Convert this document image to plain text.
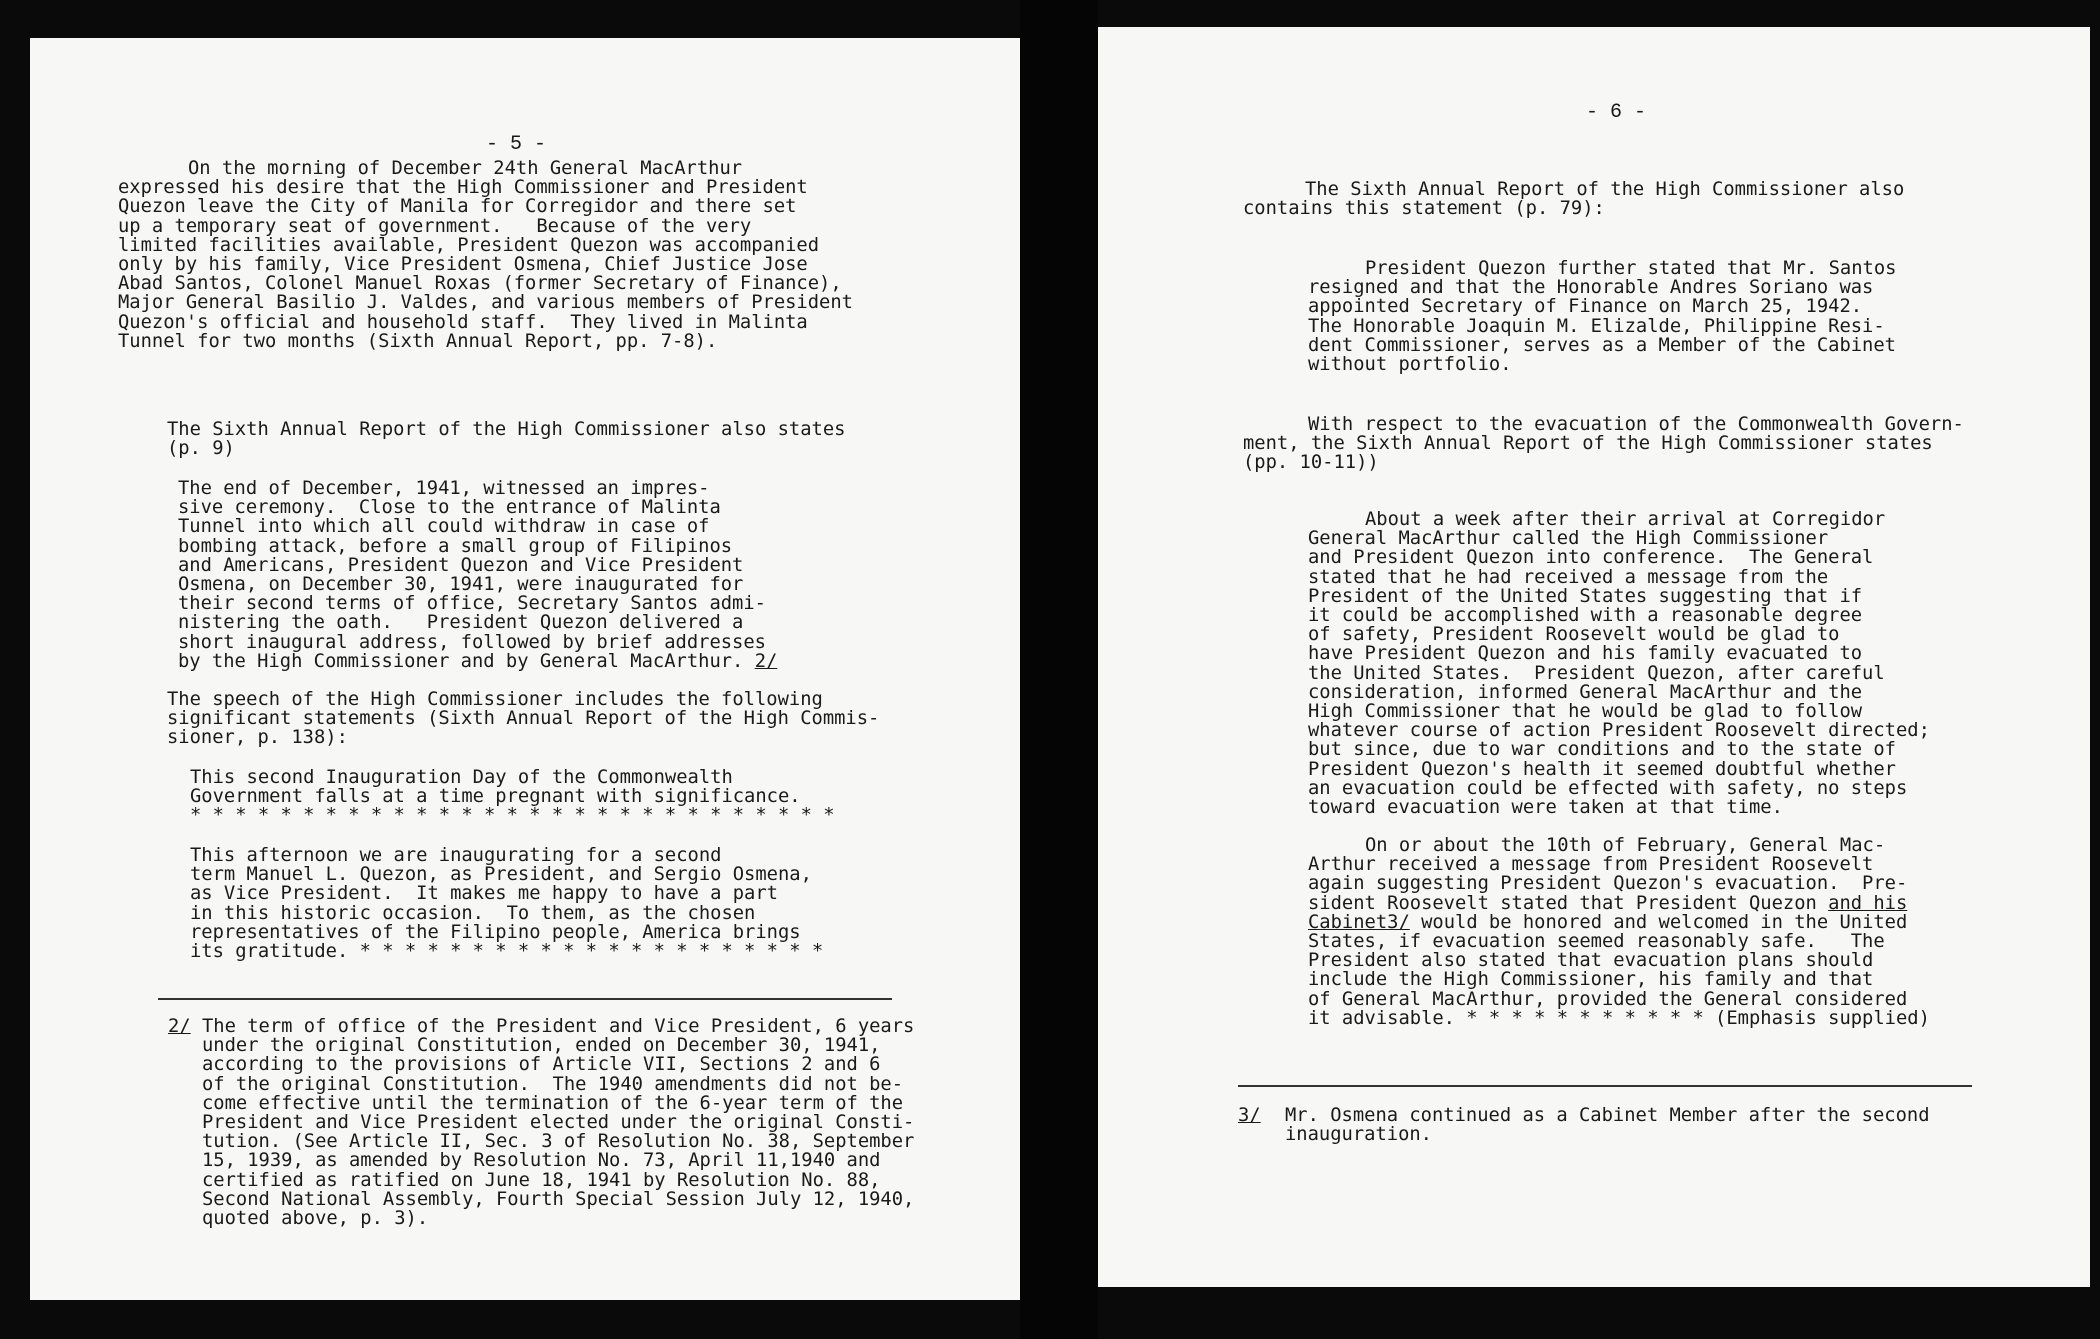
- 5 -
On the morning of December 24th General MacArthur
expressed his desire that the High Commissioner and President
Quezon leave the City of Manila for Corregidor and there set
up a temporary seat of government.   Because of the very
limited facilities available, President Quezon was accompanied
only by his family, Vice President Osmena, Chief Justice Jose
Abad Santos, Colonel Manuel Roxas (former Secretary of Finance),
Major General Basilio J. Valdes, and various members of President
Quezon's official and household staff.  They lived in Malinta
Tunnel for two months (Sixth Annual Report, pp. 7-8).
The Sixth Annual Report of the High Commissioner also states
(p. 9)
The end of December, 1941, witnessed an impres-
sive ceremony.  Close to the entrance of Malinta
Tunnel into which all could withdraw in case of
bombing attack, before a small group of Filipinos
and Americans, President Quezon and Vice President
Osmena, on December 30, 1941, were inaugurated for
their second terms of office, Secretary Santos admi-
nistering the oath.   President Quezon delivered a
short inaugural address, followed by brief addresses
by the High Commissioner and by General MacArthur. 2/
The speech of the High Commissioner includes the following
significant statements (Sixth Annual Report of the High Commis-
sioner, p. 138):
This second Inauguration Day of the Commonwealth
Government falls at a time pregnant with significance.
* * * * * * * * * * * * * * * * * * * * * * * * * * * * *
This afternoon we are inaugurating for a second
term Manuel L. Quezon, as President, and Sergio Osmena,
as Vice President.  It makes me happy to have a part
in this historic occasion.  To them, as the chosen
representatives of the Filipino people, America brings
its gratitude. * * * * * * * * * * * * * * * * * * * * *
2/ The term of office of the President and Vice President, 6 years
under the original Constitution, ended on December 30, 1941,
according to the provisions of Article VII, Sections 2 and 6
of the original Constitution.  The 1940 amendments did not be-
come effective until the termination of the 6-year term of the
President and Vice President elected under the original Consti-
tution. (See Article II, Sec. 3 of Resolution No. 38, September
15, 1939, as amended by Resolution No. 73, April 11,1940 and
certified as ratified on June 18, 1941 by Resolution No. 88,
Second National Assembly, Fourth Special Session July 12, 1940,
quoted above, p. 3).
- 6 -
The Sixth Annual Report of the High Commissioner also
contains this statement (p. 79):
President Quezon further stated that Mr. Santos
resigned and that the Honorable Andres Soriano was
appointed Secretary of Finance on March 25, 1942.
The Honorable Joaquin M. Elizalde, Philippine Resi-
dent Commissioner, serves as a Member of the Cabinet
without portfolio.
With respect to the evacuation of the Commonwealth Govern-
ment, the Sixth Annual Report of the High Commissioner states
(pp. 10-11))
About a week after their arrival at Corregidor
General MacArthur called the High Commissioner
and President Quezon into conference.  The General
stated that he had received a message from the
President of the United States suggesting that if
it could be accomplished with a reasonable degree
of safety, President Roosevelt would be glad to
have President Quezon and his family evacuated to
the United States.  President Quezon, after careful
consideration, informed General MacArthur and the
High Commissioner that he would be glad to follow
whatever course of action President Roosevelt directed;
but since, due to war conditions and to the state of
President Quezon's health it seemed doubtful whether
an evacuation could be effected with safety, no steps
toward evacuation were taken at that time.
On or about the 10th of February, General Mac-
Arthur received a message from President Roosevelt
again suggesting President Quezon's evacuation.  Pre-
sident Roosevelt stated that President Quezon and his
Cabinet3/ would be honored and welcomed in the United
States, if evacuation seemed reasonably safe.   The
President also stated that evacuation plans should
include the High Commissioner, his family and that
of General MacArthur, provided the General considered
it advisable. * * * * * * * * * * * (Emphasis supplied)
3/ Mr. Osmena continued as a Cabinet Member after the second
inauguration.
